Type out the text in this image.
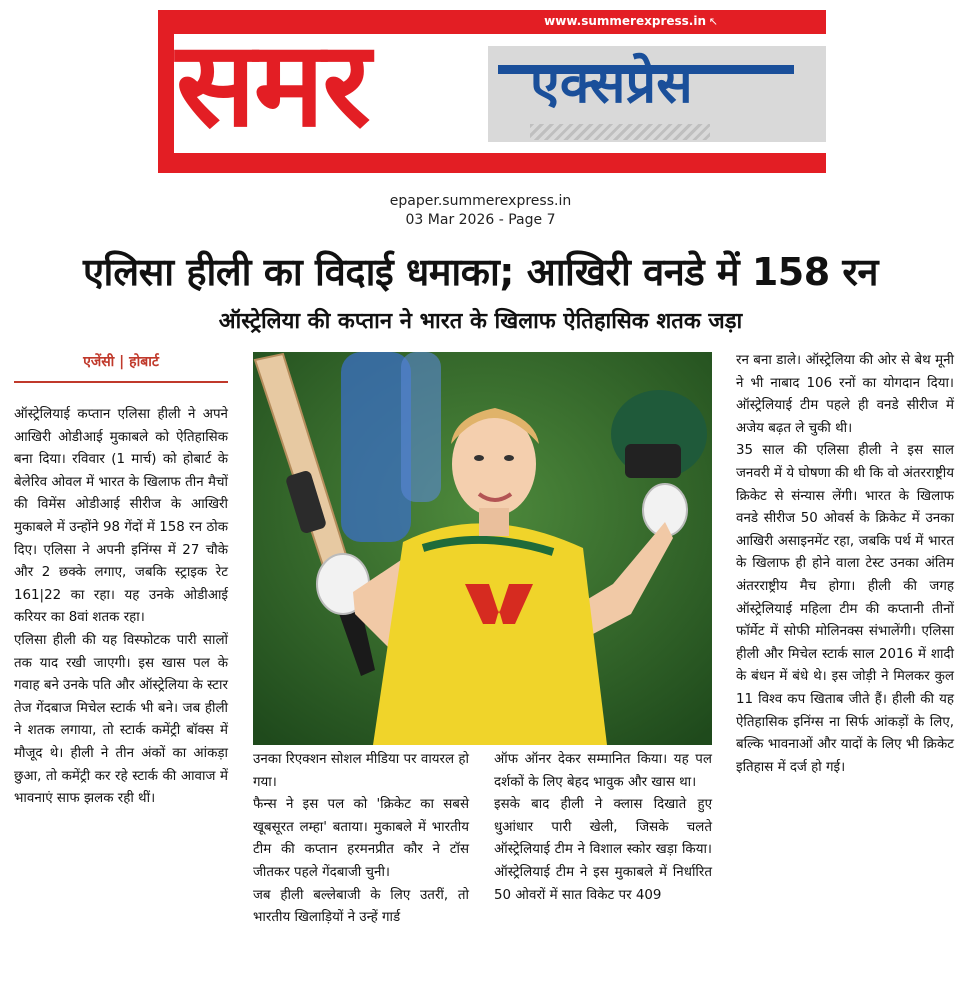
समर	एक्सप्रेस
www.summerexpress.in ↖
epaper.summerexpress.in
03 Mar 2026 - Page 7
एलिसा हीली का विदाई धमाका; आखिरी वनडे में 158 रन
ऑस्ट्रेलिया की कप्तान ने भारत के खिलाफ ऐतिहासिक शतक जड़ा
एजेंसी | होबार्ट

ऑस्ट्रेलियाई कप्तान एलिसा हीली ने अपने आखिरी ओडीआई मुकाबले को ऐतिहासिक बना दिया। रविवार (1 मार्च) को होबार्ट के बेलेरिव ओवल में भारत के खिलाफ तीन मैचों की विमेंस ओडीआई सीरीज के आखिरी मुकाबले में उन्होंने 98 गेंदों में 158 रन ठोक दिए। एलिसा ने अपनी इनिंग्स में 27 चौके और 2 छक्के लगाए, जबकि स्ट्राइक रेट 161|22 का रहा। यह उनके ओडीआई करियर का 8वां शतक रहा।

एलिसा हीली की यह विस्फोटक पारी सालों तक याद रखी जाएगी। इस खास पल के गवाह बने उनके पति और ऑस्ट्रेलिया के स्टार तेज गेंदबाज मिचेल स्टार्क भी बने। जब हीली ने शतक लगाया, तो स्टार्क कमेंट्री बॉक्स में मौजूद थे। हीली ने तीन अंकों का आंकड़ा छुआ, तो कमेंट्री कर रहे स्टार्क की आवाज में भावनाएं साफ झलक रही थीं।

उनका रिएक्शन सोशल मीडिया पर वायरल हो गया।

फैन्स ने इस पल को 'क्रिकेट का सबसे खूबसूरत लम्हा' बताया। मुकाबले में भारतीय टीम की कप्तान हरमनप्रीत कौर ने टॉस जीतकर पहले गेंदबाजी चुनी।

जब हीली बल्लेबाजी के लिए उतरीं, तो भारतीय खिलाड़ियों ने उन्हें गार्ड

ऑफ ऑनर देकर सम्मानित किया। यह पल दर्शकों के लिए बेहद भावुक और खास था।

इसके बाद हीली ने क्लास दिखाते हुए धुआंधार पारी खेली, जिसके चलते ऑस्ट्रेलियाई टीम ने विशाल स्कोर खड़ा किया। ऑस्ट्रेलियाई टीम ने इस मुकाबले में निर्धारित 50 ओवरों में सात विकेट पर 409

रन बना डाले। ऑस्ट्रेलिया की ओर से बेथ मूनी ने भी नाबाद 106 रनों का योगदान दिया। ऑस्ट्रेलियाई टीम पहले ही वनडे सीरीज में अजेय बढ़त ले चुकी थी।

35 साल की एलिसा हीली ने इस साल जनवरी में ये घोषणा की थी कि वो अंतरराष्ट्रीय क्रिकेट से संन्यास लेंगी। भारत के खिलाफ वनडे सीरीज 50 ओवर्स के क्रिकेट में उनका आखिरी असाइनमेंट रहा, जबकि पर्थ में भारत के खिलाफ ही होने वाला टेस्ट उनका अंतिम अंतरराष्ट्रीय मैच होगा। हीली की जगह ऑस्ट्रेलियाई महिला टीम की कप्तानी तीनों फॉर्मेट में सोफी मोलिनक्स संभालेंगी। एलिसा हीली और मिचेल स्टार्क साल 2016 में शादी के बंधन में बंधे थे। इस जोड़ी ने मिलकर कुल 11 विश्व कप खिताब जीते हैं। हीली की यह ऐतिहासिक इनिंग्स ना सिर्फ आंकड़ों के लिए, बल्कि भावनाओं और यादों के लिए भी क्रिकेट इतिहास में दर्ज हो गई।
